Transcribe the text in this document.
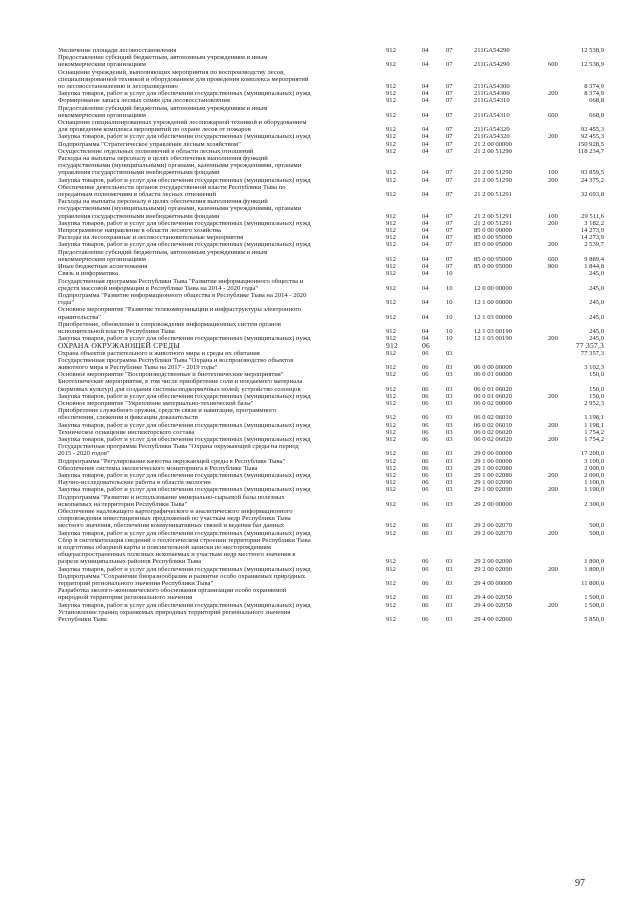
Увеличение площади лесовосстановления	912	04	07	211GA54290	12 538,9
Предоставление субсидий бюджетным, автономным учреждениям и иным
некоммерческим организациям	912	04	07	211GA54290	600	12 538,9
Оснащение учреждений, выполняющих мероприятия по воспроизводству лесов,
специализированной техникой и оборудованием для проведения комплекса мероприятий
по лесовосстановлению и лесоразведению	912	04	07	211GA54300	8 374,9
Закупка товаров, работ и услуг для обеспечения государственных (муниципальных) нужд	912	04	07	211GA54300	200	8 374,9
Формирование запаса лесных семян для лесовосстановления	912	04	07	211GA54310	668,8
Предоставление субсидий бюджетным, автономным учреждениям и иным
некоммерческим организациям	912	04	07	211GA54310	600	668,8
Оснащение специализированных учреждений лесопожарной техникой и оборудованием
для проведения комплекса мероприятий по охране лесов от пожаров	912	04	07	211GA54320	92 455,3
Закупка товаров, работ и услуг для обеспечения государственных (муниципальных) нужд	912	04	07	211GA54320	200	92 455,3
Подпрограмма "Стратегическое управление лесным хозяйством"	912	04	07	21 2 00 00000	150 928,5
Осуществление отдельных полномочий в области лесных отношений	912	04	07	21 2 00 51290	118 234,7
Расходы на выплаты персоналу в целях обеспечения выполнения функций
государственными (муниципальными) органами, казенными учреждениями, органами
управления государственными внебюджетными фондами	912	04	07	21 2 00 51290	100	93 859,5
Закупка товаров, работ и услуг для обеспечения государственных (муниципальных) нужд	912	04	07	21 2 00 51290	200	24 375,2
Обеспечение деятельности органов государственной власти Республики Тыва по
переданным полномочиям в области лесных отношений	912	04	07	21 2 00 51291	32 693,8
Расходы на выплаты персоналу в целях обеспечения выполнения функций
государственными (муниципальными) органами, казенными учреждениями, органами
управления государственными внебюджетными фондами	912	04	07	21 2 00 51291	100	29 511,6
Закупка товаров, работ и услуг для обеспечения государственных (муниципальных) нужд	912	04	07	21 2 00 51291	200	3 182,2
Непрограммное направление в области лесного хозяйства	912	04	07	85 0 00 00000	14 273,9
Расходы на лесоохранные и лесовосстановительные мероприятия	912	04	07	85 0 00 95000	14 273,9
Закупка товаров, работ и услуг для обеспечения государственных (муниципальных) нужд	912	04	07	85 0 00 95000	200	2 539,7
Предоставление субсидий бюджетным, автономным учреждениям и иным
некоммерческим организациям	912	04	07	85 0 00 95000	600	9 889,4
Иные бюджетные ассигнования	912	04	07	85 0 00 95000	800	1 844,8
Связь и информатика	912	04	10	245,0
Государственная программа Республики Тыва "Развитие информационного общества и
средств массовой информации в Республике Тыва на 2014 - 2020 годы"	912	04	10	12 0 00 00000	245,0
Подпрограмма "Развитие информационного общества в Республике Тыва на 2014 - 2020
годы"	912	04	10	12 1 00 00000	245,0
Основное мероприятие "Развитие телекоммуникации и инфраструктуры электронного
правительства"	912	04	10	12 1 03 00000	245,0
Приобретение, обновление и сопровождение информационных систем органов
исполнительной власти Республики Тыва	912	04	10	12 1 03 00190	245,0
Закупка товаров, работ и услуг для обеспечения государственных (муниципальных) нужд	912	04	10	12 1 03 00190	200	245,0
ОХРАНА ОКРУЖАЮЩЕЙ СРЕДЫ	912	06	77 357,3
Охрана объектов растительного и животного мира и среды их обитания	912	06	03	77 357,3
Государственная программа Республики Тыва "Охрана и воспроизводство объектов
животного мира в Республике Тыва на 2017 - 2019 годы"	912	06	03	06 0 00 00000	3 102,3
Основное мероприятие "Воспроизводственные и биотехнические мероприятия"	912	06	03	06 0 01 00000	150,0
Биотехнические мероприятия, в том числе приобретение соли и поедаемого материала
(кормовых культур) для создания системы подкормочных полей; устройство солонцов	912	06	03	06 0 01 06020	150,0
Закупка товаров, работ и услуг для обеспечения государственных (муниципальных) нужд	912	06	03	06 0 01 06020	200	150,0
Основное мероприятие "Укрепление материально-технической базы"	912	06	03	06 0 02 00000	2 952,3
Приобретение служебного оружия, средств связи и навигации, программного
обеспечения, слежения и фиксации доказательств	912	06	03	06 0 02 06010	1 198,1
Закупка товаров, работ и услуг для обеспечения государственных (муниципальных) нужд	912	06	03	06 0 02 06010	200	1 198,1
Техническое оснащение инспекторского состава	912	06	03	06 0 02 06020	1 754,2
Закупка товаров, работ и услуг для обеспечения государственных (муниципальных) нужд	912	06	03	06 0 02 06020	200	1 754,2
Государственная программа Республики Тыва "Охрана окружающей среды на период
2015 - 2020 годов"	912	06	03	29 0 00 00000	17 200,0
Подпрограмма "Регулирование качества окружающей среды в Республике Тыва"	912	06	03	29 1 00 00000	3 100,0
Обеспечение системы экологического мониторинга в Республике Тыва	912	06	03	29 1 00 02080	2 000,0
Закупка товаров, работ и услуг для обеспечения государственных (муниципальных) нужд	912	06	03	29 1 00 02080	200	2 000,0
Научно-исследовательские работы в области экологии	912	06	03	29 1 00 02090	1 100,0
Закупка товаров, работ и услуг для обеспечения государственных (муниципальных) нужд	912	06	03	29 1 00 02090	200	1 100,0
Подпрограмма "Развитие и использование минерально-сырьевой базы полезных
ископаемых на территории Республики Тыва"	912	06	03	29 2 00 00000	2 300,0
Обеспечение надлежащего картографического и аналитического информационного
сопровождения инвестиционных предложений по участкам недр Республики Тыва
местного значения, обеспечения коммуникативных связей и ведения баз данных	912	06	03	29 2 00 02070	500,0
Закупка товаров, работ и услуг для обеспечения государственных (муниципальных) нужд	912	06	03	29 2 00 02070	200	500,0
Сбор и систематизация сведений о геологическом строении территории Республики Тыва
и подготовка обзорной карты и пояснительной записки по месторождениям
общераспространенных полезных ископаемых и участкам недр местного значения в
разрезе муниципальных районов Республики Тыва	912	06	03	29 2 00 02090	1 800,0
Закупка товаров, работ и услуг для обеспечения государственных (муниципальных) нужд	912	06	03	29 2 00 02090	200	1 800,0
Подпрограмма "Сохранение биоразнообразия и развитие особо охраняемых природных
территорий регионального значения Республики Тыва"	912	06	03	29 4 00 00000	11 800,0
Разработка эколого-экономического обоснования организации особо охраняемой
природной территории регионального значения	912	06	03	29 4 00 02050	1 500,0
Закупка товаров, работ и услуг для обеспечения государственных (муниципальных) нужд	912	06	03	29 4 00 02050	200	1 500,0
Установление границ охраняемых природных территорий регионального значения
Республики Тыва	912	06	03	29 4 00 02060	5 850,0
97
